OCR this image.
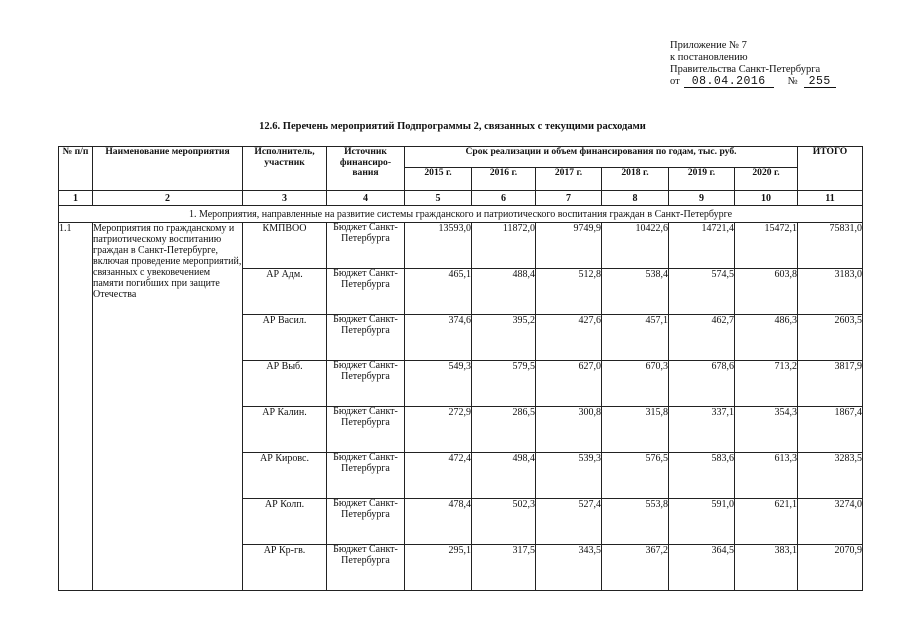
Приложение № 7
к постановлению
Правительства Санкт-Петербурга
от 08.04.2016 № 255
12.6. Перечень мероприятий Подпрограммы 2, связанных с текущими расходами
№ п/п	Наименование мероприятия	Исполнитель, участник	Источник финансиро-вания	Срок реализации и объем финансирования по годам, тыс. руб.						ИТОГО
				2015 г.	2016 г.	2017 г.	2018 г.	2019 г.	2020 г.	
1	2	3	4	5	6	7	8	9	10	11
1. Мероприятия, направленные на развитие системы гражданского и патриотического воспитания граждан в Санкт-Петербурге										
1.1	Мероприятия по гражданскому и патриотическому воспитанию граждан в Санкт-Петербурге, включая проведение мероприятий, связанных с увековечением памяти погибших при защите Отечества	КМПВОО	Бюджет Санкт-Петербурга	13593,0	11872,0	9749,9	10422,6	14721,4	15472,1	75831,0
		АР Адм.	Бюджет Санкт-Петербурга	465,1	488,4	512,8	538,4	574,5	603,8	3183,0
		АР Васил.	Бюджет Санкт-Петербурга	374,6	395,2	427,6	457,1	462,7	486,3	2603,5
		АР Выб.	Бюджет Санкт-Петербурга	549,3	579,5	627,0	670,3	678,6	713,2	3817,9
		АР Калин.	Бюджет Санкт-Петербурга	272,9	286,5	300,8	315,8	337,1	354,3	1867,4
		АР Кировс.	Бюджет Санкт-Петербурга	472,4	498,4	539,3	576,5	583,6	613,3	3283,5
		АР Колп.	Бюджет Санкт-Петербурга	478,4	502,3	527,4	553,8	591,0	621,1	3274,0
		АР Кр-гв.	Бюджет Санкт-Петербурга	295,1	317,5	343,5	367,2	364,5	383,1	2070,9
